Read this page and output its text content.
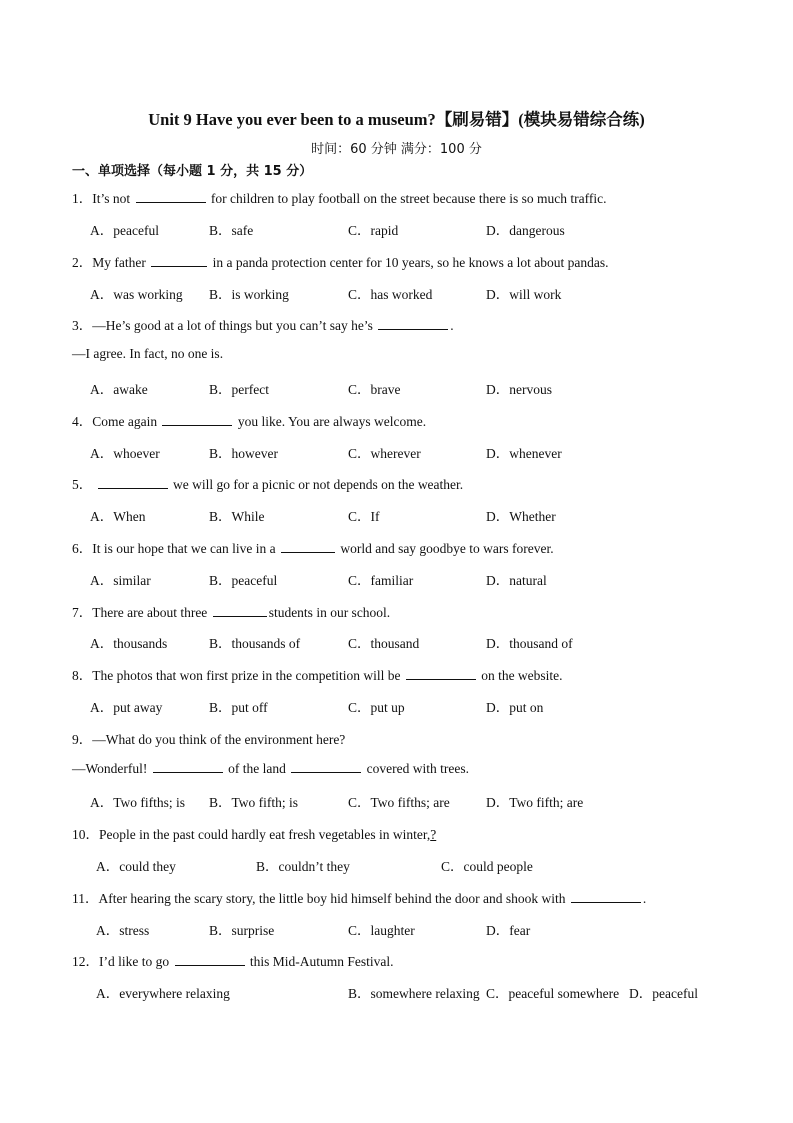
Unit 9 Have you ever been to a museum?【刷易错】(模块易错综合练)
时间：60 分钟 满分：100 分
一、单项选择（每小题 1 分，共 15 分）
1．It’s not	for children to play football on the street because there is so much traffic.
A．peaceful	B．safe	C．rapid	D．dangerous
2．My father	in a panda protection center for 10 years, so he knows a lot about pandas.
A．was working B．is working	C．has worked	D．will work
3．—He’s good at a lot of things but you can’t say he’s	.
—I agree. In fact, no one is.
A．awake	B．perfect	C．brave	D．nervous
4．Come again	you like. You are always welcome.
A．whoever	B．however	C．wherever	D．whenever
5．	we will go for a picnic or not depends on the weather.
A．When	B．While	C．If	D．Whether
6．It is our hope that we can live in a	world and say goodbye to wars forever.
A．similar	B．peaceful	C．familiar	D．natural
7．There are about three	students in our school.
A．thousands	B．thousands of	C．thousand	D．thousand of
8．The photos that won first prize in the competition will be	on the website.
A．put away	B．put off	C．put up	D．put on
9．—What do you think of the environment here?
—Wonderful!	of the land	covered with trees.
A．Two fifths; is B．Two fifth; is	C．Two fifths; are	D．Two fifth; are
10．People in the past could hardly eat fresh vegetables in winter,?
A．could they	B．couldn’t they	C．could people
11．After hearing the scary story, the little boy hid himself behind the door and shook with	.
A．stress	B．surprise	C．laughter	D．fear
12．I’d like to go	this Mid-Autumn Festival.
A．everywhere relaxing	B．somewhere relaxing C．peaceful somewhere D．peaceful
